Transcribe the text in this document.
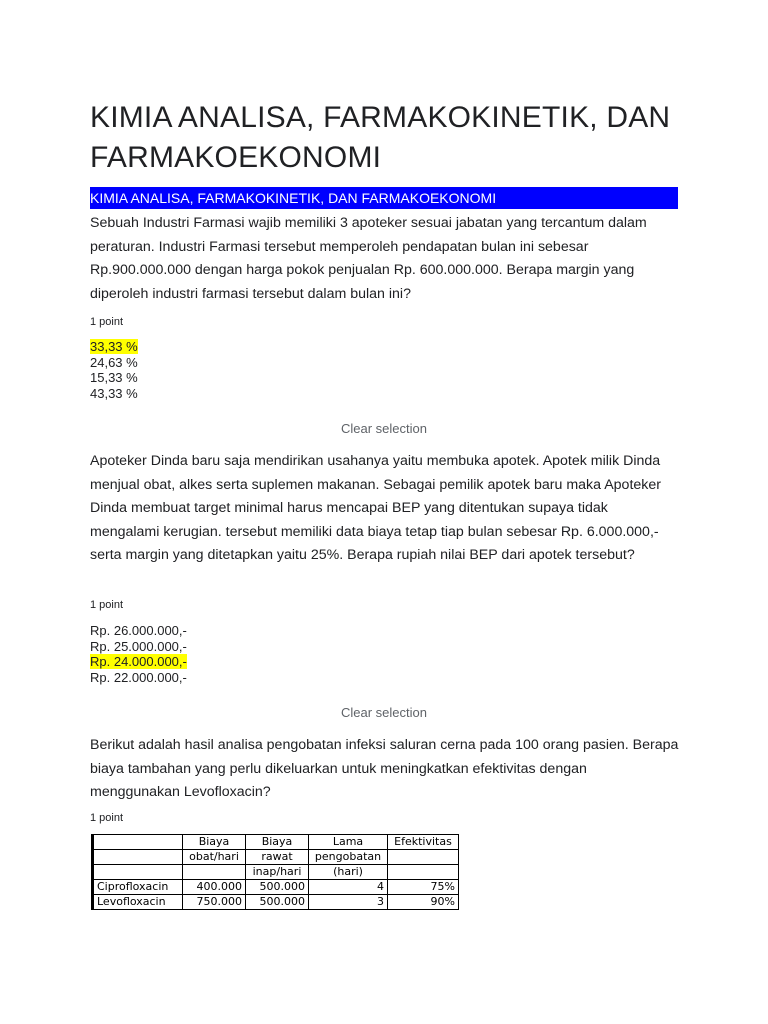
KIMIA ANALISA, FARMAKOKINETIK, DAN FARMAKOEKONOMI
KIMIA ANALISA, FARMAKOKINETIK, DAN FARMAKOEKONOMI

Sebuah Industri Farmasi wajib memiliki 3 apoteker sesuai jabatan yang tercantum dalam peraturan. Industri Farmasi tersebut memperoleh pendapatan bulan ini sebesar Rp.900.000.000 dengan harga pokok penjualan Rp. 600.000.000. Berapa margin yang diperoleh industri farmasi tersebut dalam bulan ini?

1 point
33,33 %
24,63 %
15,33 %
43,33 %
Clear selection

Apoteker Dinda baru saja mendirikan usahanya yaitu membuka apotek. Apotek milik Dinda menjual obat, alkes serta suplemen makanan. Sebagai pemilik apotek baru maka Apoteker Dinda membuat target minimal harus mencapai BEP yang ditentukan supaya tidak mengalami kerugian. tersebut memiliki data biaya tetap tiap bulan sebesar Rp. 6.000.000,- serta margin yang ditetapkan yaitu 25%. Berapa rupiah nilai BEP dari apotek tersebut?

1 point
Rp. 26.000.000,-
Rp. 25.000.000,-
Rp. 24.000.000,-
Rp. 22.000.000,-
Clear selection

Berikut adalah hasil analisa pengobatan infeksi saluran cerna pada 100 orang pasien. Berapa biaya tambahan yang perlu dikeluarkan untuk meningkatkan efektivitas dengan menggunakan Levofloxacin?

1 point
	Biaya	Biaya	Lama	Efektivitas
	obat/hari	rawat	pengobatan	
		inap/hari	(hari)	
Ciprofloxacin	400.000	500.000	4	75%
Levofloxacin	750.000	500.000	3	90%
